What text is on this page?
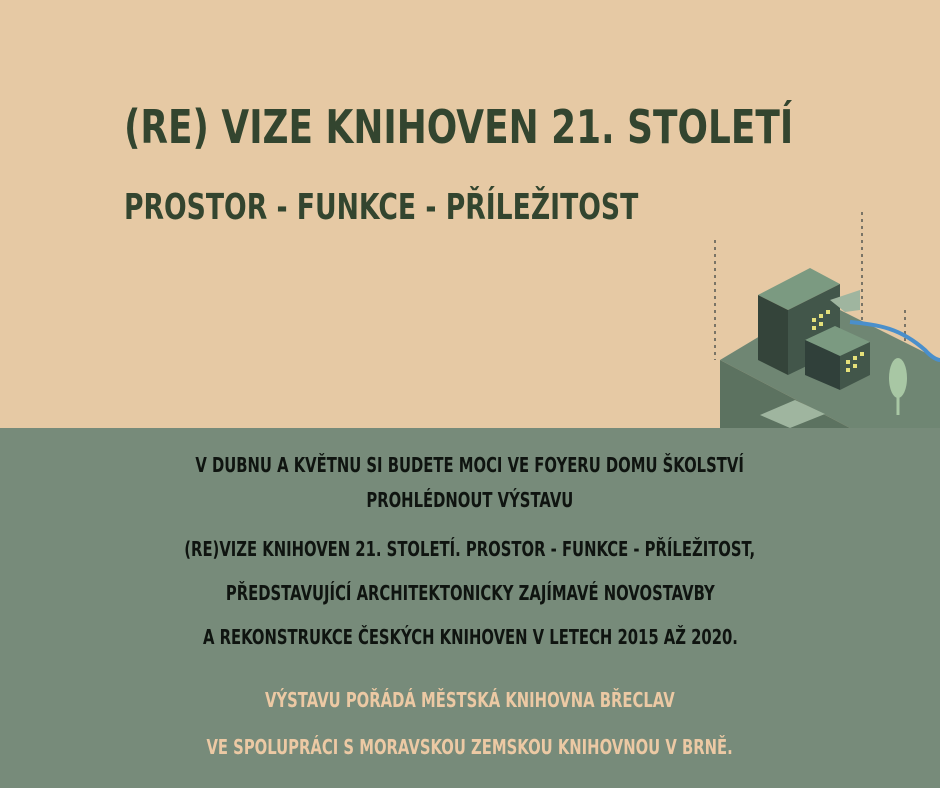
(RE) VIZE KNIHOVEN 21. STOLETÍ
PROSTOR - FUNKCE - PŘÍLEŽITOST
V DUBNU A KVĚTNU SI BUDETE MOCI VE FOYERU DOMU ŠKOLSTVÍ
PROHLÉDNOUT VÝSTAVU
(RE)VIZE KNIHOVEN 21. STOLETÍ. PROSTOR - FUNKCE - PŘÍLEŽITOST,
PŘEDSTAVUJÍCÍ ARCHITEKTONICKY ZAJÍMAVÉ NOVOSTAVBY
A REKONSTRUKCE ČESKÝCH KNIHOVEN V LETECH 2015 AŽ 2020.
VÝSTAVU POŘÁDÁ MĚSTSKÁ KNIHOVNA BŘECLAV
VE SPOLUPRÁCI S MORAVSKOU ZEMSKOU KNIHOVNOU V BRNĚ.
